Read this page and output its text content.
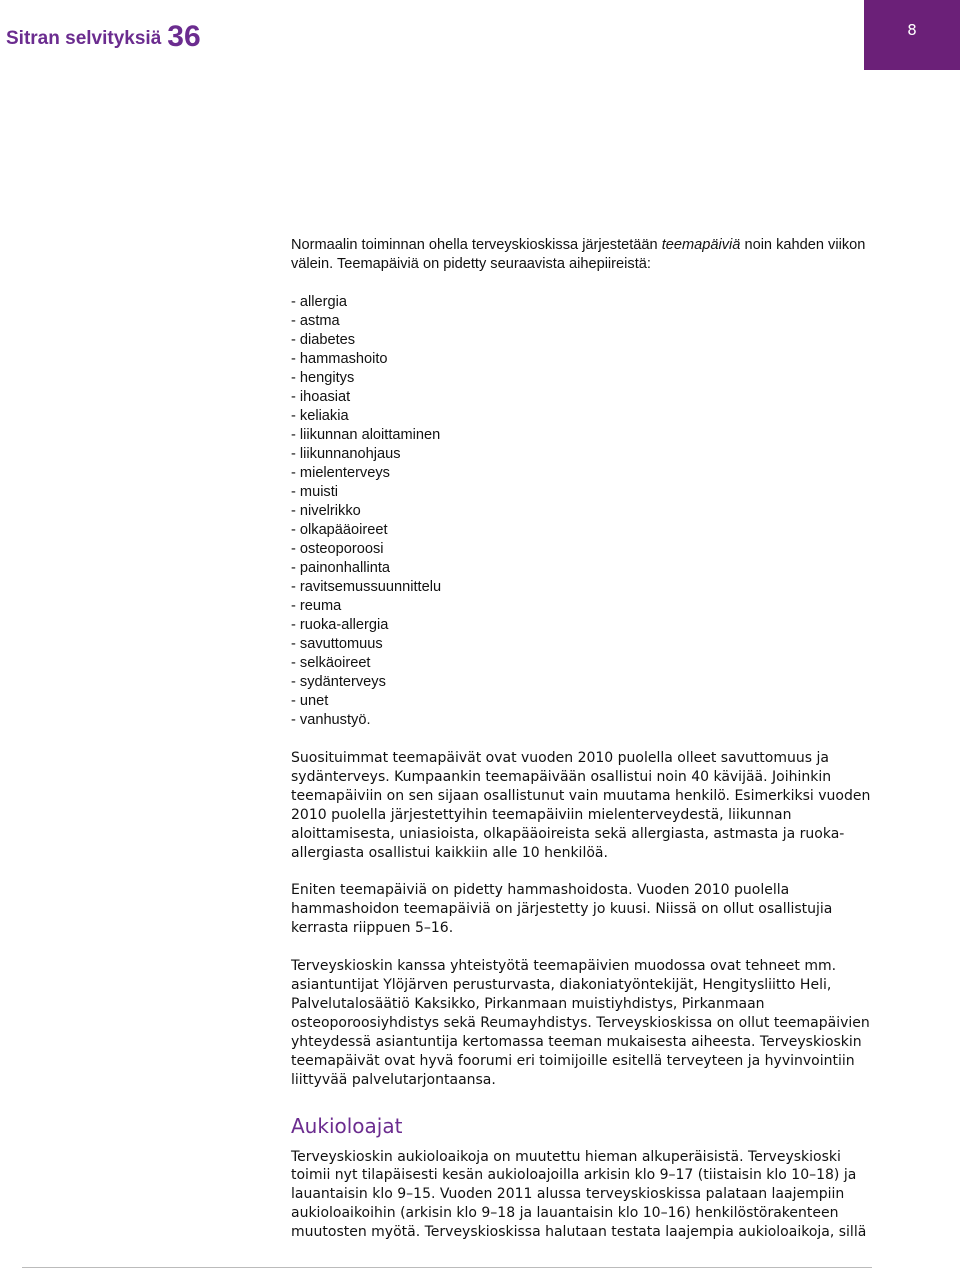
Sitran selvityksiä 36	8

Normaalin toiminnan ohella terveyskioskissa järjestetään teemapäiviä noin kahden viikon välein. Teemapäiviä on pidetty seuraavista aihepiireistä:

- allergia
- astma
- diabetes
- hammashoito
- hengitys
- ihoasiat
- keliakia
- liikunnan aloittaminen
- liikunnanohjaus
- mielenterveys
- muisti
- nivelrikko
- olkapääoireet
- osteoporoosi
- painonhallinta
- ravitsemussuunnittelu
- reuma
- ruoka-allergia
- savuttomuus
- selkäoireet
- sydänterveys
- unet
- vanhustyö.

Suosituimmat teemapäivät ovat vuoden 2010 puolella olleet savuttomuus ja sydänterveys. Kumpaankin teemapäivään osallistui noin 40 kävijää. Joihinkin teemapäiviin on sen sijaan osallistunut vain muutama henkilö. Esimerkiksi vuoden 2010 puolella järjestettyihin teemapäiviin mielenterveydestä, liikunnan aloittamisesta, uniasioista, olkapääoireista sekä allergiasta, astmasta ja ruoka-allergiasta osallistui kaikkiin alle 10 henkilöä.

Eniten teemapäiviä on pidetty hammashoidosta. Vuoden 2010 puolella hammashoidon teemapäiviä on järjestetty jo kuusi. Niissä on ollut osallistujia kerrasta riippuen 5–16.

Terveyskioskin kanssa yhteistyötä teemapäivien muodossa ovat tehneet mm. asiantuntijat Ylöjärven perusturvasta, diakoniatyöntekijät, Hengitysliitto Heli, Palvelutalosäätiö Kaksikko, Pirkanmaan muistiyhdistys, Pirkanmaan osteoporoosiyhdistys sekä Reumayhdistys. Terveyskioskissa on ollut teemapäivien yhteydessä asiantuntija kertomassa teeman mukaisesta aiheesta. Terveyskioskin teemapäivät ovat hyvä foorumi eri toimijoille esitellä terveyteen ja hyvinvointiin liittyvää palvelutarjontaansa.

Aukioloajat

Terveyskioskin aukioloaikoja on muutettu hieman alkuperäisistä. Terveyskioski toimii nyt tilapäisesti kesän aukioloajoilla arkisin klo 9–17 (tiistaisin klo 10–18) ja lauantaisin klo 9–15. Vuoden 2011 alussa terveyskioskissa palataan laajempiin aukioloaikoihin (arkisin klo 9–18 ja lauantaisin klo 10–16) henkilöstörakenteen muutosten myötä. Terveyskioskissa halutaan testata laajempia aukioloaikoja, sillä
